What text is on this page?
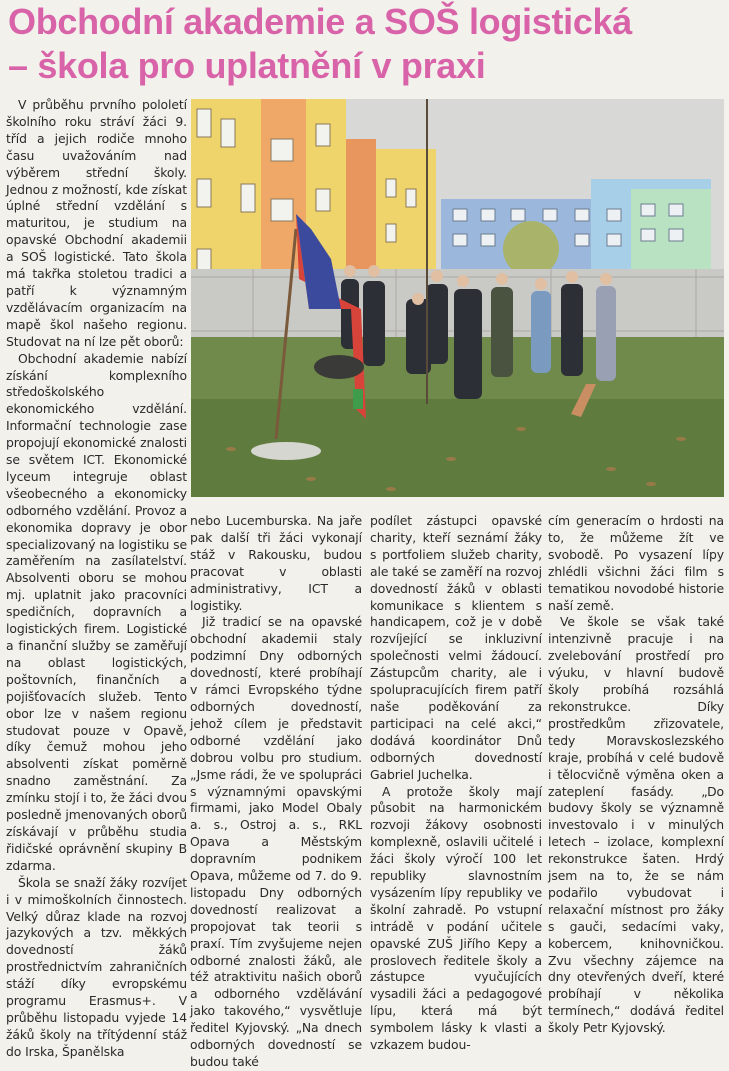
Obchodní akademie a SOŠ logistická
– škola pro uplatnění v praxi

V průběhu prvního pololetí školního roku stráví žáci 9. tříd a jejich rodiče mnoho času uvažováním nad výběrem střední školy. Jednou z možností, kde získat úplné střední vzdělání s maturitou, je studium na opavské Obchodní akademii a SOŠ logistické. Tato škola má takřka stoletou tradici a patří k významným vzdělávacím organizacím na mapě škol našeho regionu. Studovat na ní lze pět oborů:

Obchodní akademie nabízí získání komplexního středoškolského ekonomického vzdělání. Informační technologie zase propojují ekonomické znalosti se světem ICT. Ekonomické lyceum integruje oblast všeobecného a ekonomicky odborného vzdělání. Provoz a ekonomika dopravy je obor specializovaný na logistiku se zaměřením na zasílatelství. Absolventi oboru se mohou mj. uplatnit jako pracovníci spedičních, dopravních a logistických firem. Logistické a finanční služby se zaměřují na oblast logistických, poštovních, finančních a pojišťovacích služeb. Tento obor lze v našem regionu studovat pouze v Opavě, díky čemuž mohou jeho absolventi získat poměrně snadno zaměstnání. Za zmínku stojí i to, že žáci dvou posledně jmenovaných oborů získávají v průběhu studia řidičské oprávnění skupiny B zdarma.

Škola se snaží žáky rozvíjet i v mimoškolních činnostech. Velký důraz klade na rozvoj jazykových a tzv. měkkých dovedností žáků prostřednictvím zahraničních stáží díky evropskému programu Erasmus+. V průběhu listopadu vyjede 14 žáků školy na třítýdenní stáž do Irska, Španělska

nebo Lucemburska. Na jaře pak další tři žáci vykonají stáž v Rakousku, budou pracovat v oblasti administrativy, ICT a logistiky.

Již tradicí se na opavské obchodní akademii staly podzimní Dny odborných dovedností, které probíhají v rámci Evropského týdne odborných dovedností, jehož cílem je představit odborné vzdělání jako dobrou volbu pro studium. „Jsme rádi, že ve spolupráci s významnými opavskými firmami, jako Model Obaly a. s., Ostroj a. s., RKL Opava a Městským dopravním podnikem Opava, můžeme od 7. do 9. listopadu Dny odborných dovedností realizovat a propojovat tak teorii s praxí. Tím zvyšujeme nejen odborné znalosti žáků, ale též atraktivitu našich oborů a odborného vzdělávání jako takového,“ vysvětluje ředitel Kyjovský. „Na dnech odborných dovedností se budou také

podílet zástupci opavské charity, kteří seznámí žáky s portfoliem služeb charity, ale také se zaměří na rozvoj dovedností žáků v oblasti komunikace s klientem s handicapem, což je v době rozvíjející se inkluzivní společnosti velmi žádoucí. Zástupcům charity, ale i spolupracujících firem patří naše poděkování za participaci na celé akci,“ dodává koordinátor Dnů odborných dovedností Gabriel Juchelka.

A protože školy mají působit na harmonickém rozvoji žákovy osobnosti komplexně, oslavili učitelé i žáci školy výročí 100 let republiky slavnostním vysázením lípy republiky ve školní zahradě. Po vstupní intrádě v podání učitele opavské ZUŠ Jiřího Kepy a proslovech ředitele školy a zástupce vyučujících vysadili žáci a pedagogové lípu, která má být symbolem lásky k vlasti a vzkazem budou-

cím generacím o hrdosti na to, že můžeme žít ve svobodě. Po vysazení lípy zhlédli všichni žáci film s tematikou novodobé historie naší země.

Ve škole se však také intenzivně pracuje i na zvelebování prostředí pro výuku, v hlavní budově školy probíhá rozsáhlá rekonstrukce. Díky prostředkům zřizovatele, tedy Moravskoslezského kraje, probíhá v celé budově i tělocvičně výměna oken a zateplení fasády. „Do budovy školy se významně investovalo i v minulých letech – izolace, komplexní rekonstrukce šaten. Hrdý jsem na to, že se nám podařilo vybudovat i relaxační místnost pro žáky s gauči, sedacími vaky, kobercem, knihovničkou. Zvu všechny zájemce na dny otevřených dveří, které probíhají v několika termínech,“ dodává ředitel školy Petr Kyjovský.
